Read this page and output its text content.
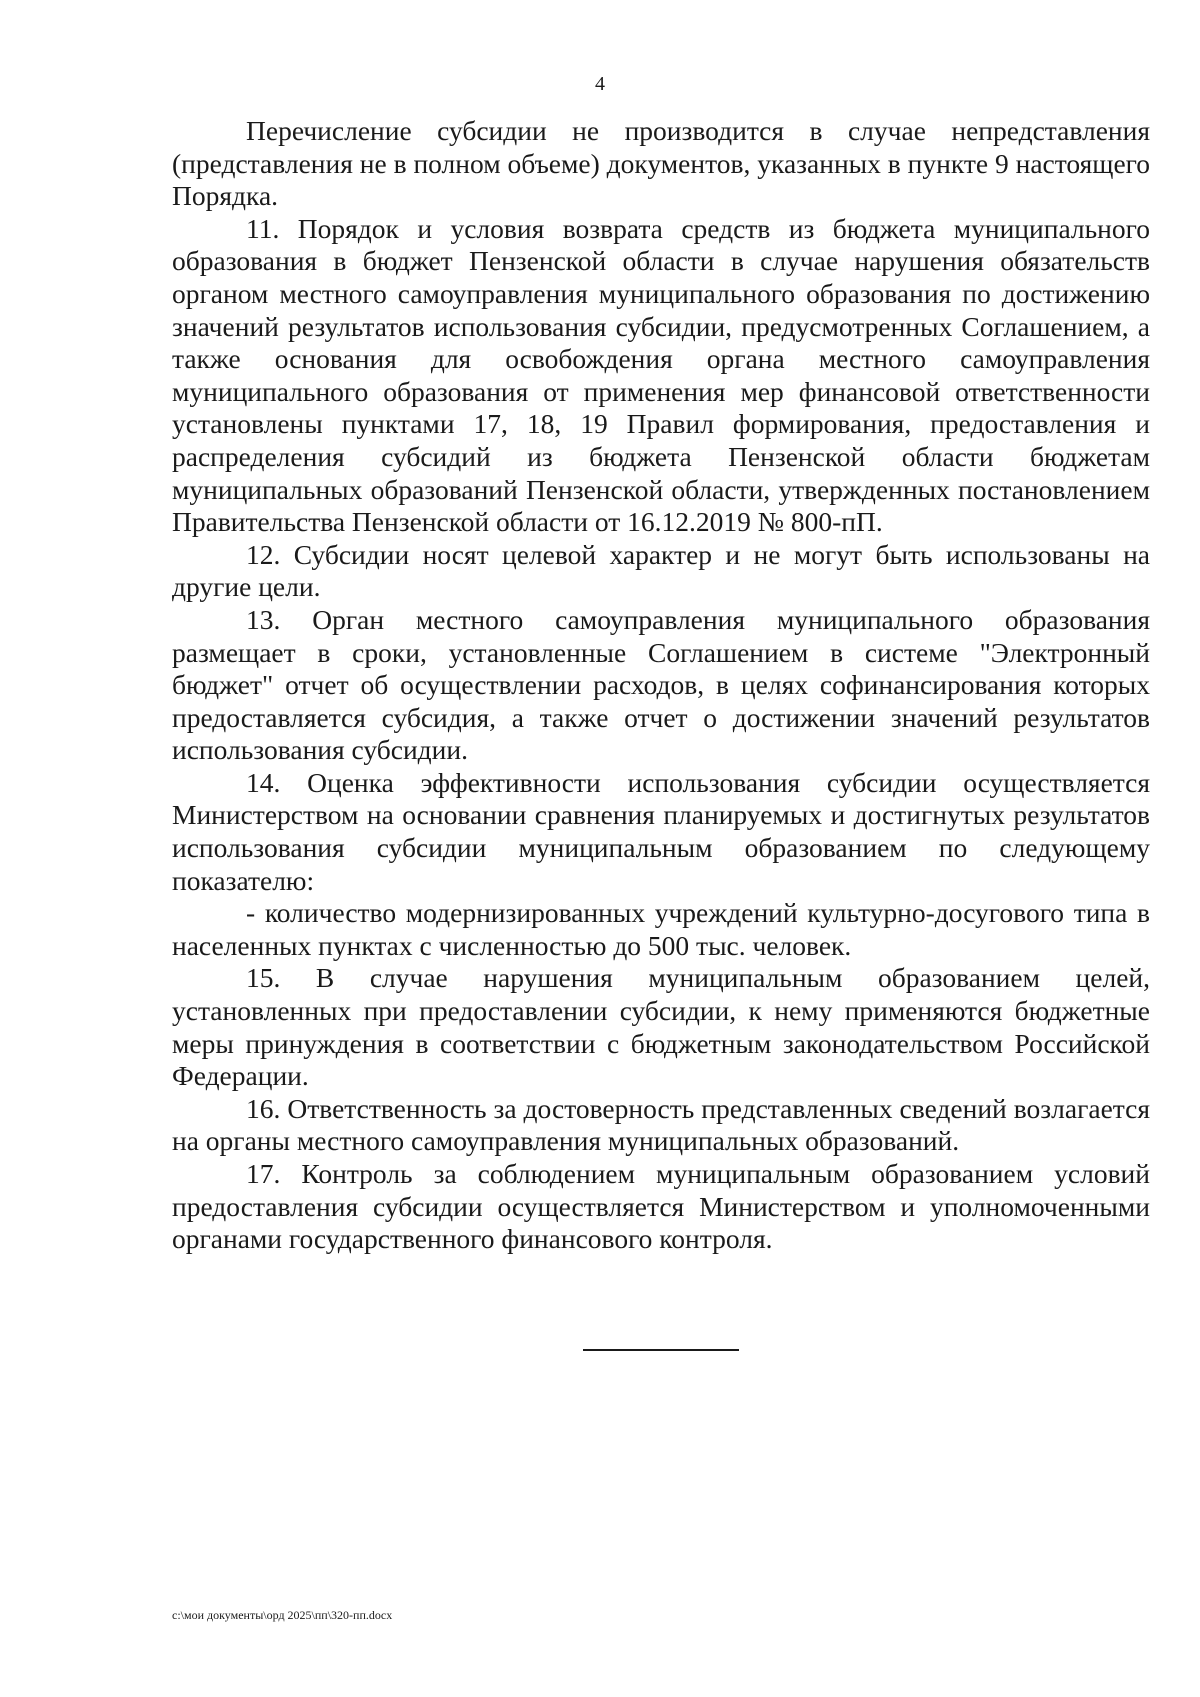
4

Перечисление субсидии не производится в случае непредставления (представления не в полном объеме) документов, указанных в пункте 9 настоящего Порядка.

11. Порядок и условия возврата средств из бюджета муниципального образования в бюджет Пензенской области в случае нарушения обязательств органом местного самоуправления муниципального образования по достижению значений результатов использования субсидии, предусмотренных Соглашением, а также основания для освобождения органа местного самоуправления муниципального образования от применения мер финансовой ответственности установлены пунктами 17, 18, 19 Правил формирования, предоставления и распределения субсидий из бюджета Пензенской области бюджетам муниципальных образований Пензенской области, утвержденных постановлением Правительства Пензенской области от 16.12.2019 № 800-пП.

12. Субсидии носят целевой характер и не могут быть использованы на другие цели.

13. Орган местного самоуправления муниципального образования размещает в сроки, установленные Соглашением в системе "Электронный бюджет" отчет об осуществлении расходов, в целях софинансирования которых предоставляется субсидия, а также отчет о достижении значений результатов использования субсидии.

14. Оценка эффективности использования субсидии осуществляется Министерством на основании сравнения планируемых и достигнутых результатов использования субсидии муниципальным образованием по следующему показателю:

- количество модернизированных учреждений культурно-досугового типа в населенных пунктах с численностью до 500 тыс. человек.

15. В случае нарушения муниципальным образованием целей, установленных при предоставлении субсидии, к нему применяются бюджетные меры принуждения в соответствии с бюджетным законодательством Российской Федерации.

16. Ответственность за достоверность представленных сведений возлагается на органы местного самоуправления муниципальных образований.

17. Контроль за соблюдением муниципальным образованием условий предоставления субсидии осуществляется Министерством и уполномоченными органами государственного финансового контроля.

c:\мои документы\орд 2025\пп\320-пп.docx
